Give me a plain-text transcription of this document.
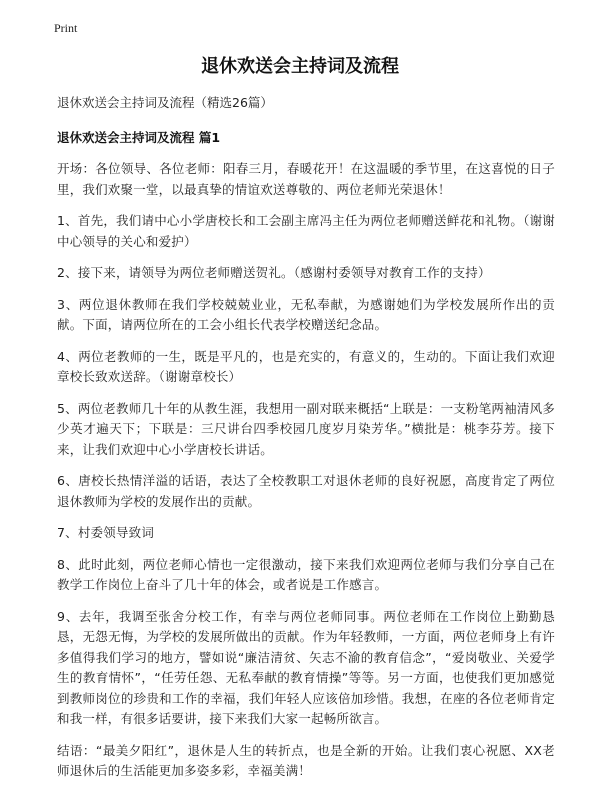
Print
退休欢送会主持词及流程

退休欢送会主持词及流程（精选26篇）

退休欢送会主持词及流程 篇1

开场：各位领导、各位老师：阳春三月，春暖花开！在这温暖的季节里，在这喜悦的日子里，我们欢聚一堂，以最真挚的情谊欢送尊敬的、两位老师光荣退休！

1、首先，我们请中心小学唐校长和工会副主席冯主任为两位老师赠送鲜花和礼物。（谢谢中心领导的关心和爱护）

2、接下来，请领导为两位老师赠送贺礼。（感谢村委领导对教育工作的支持）

3、两位退休教师在我们学校兢兢业业，无私奉献，为感谢她们为学校发展所作出的贡献。下面，请两位所在的工会小组长代表学校赠送纪念品。

4、两位老教师的一生，既是平凡的，也是充实的，有意义的，生动的。下面让我们欢迎章校长致欢送辞。（谢谢章校长）

5、两位老教师几十年的从教生涯，我想用一副对联来概括“上联是：一支粉笔两袖清风多少英才遍天下；下联是：三尺讲台四季校园几度岁月染芳华。”横批是：桃李芬芳。接下来，让我们欢迎中心小学唐校长讲话。

6、唐校长热情洋溢的话语，表达了全校教职工对退休老师的良好祝愿，高度肯定了两位退休教师为学校的发展作出的贡献。

7、村委领导致词

8、此时此刻，两位老师心情也一定很激动，接下来我们欢迎两位老师与我们分享自己在教学工作岗位上奋斗了几十年的体会，或者说是工作感言。

9、去年，我调至张舍分校工作，有幸与两位老师同事。两位老师在工作岗位上勤勤恳恳，无怨无悔，为学校的发展所做出的贡献。作为年轻教师，一方面，两位老师身上有许多值得我们学习的地方，譬如说“廉洁清贫、矢志不渝的教育信念”，“爱岗敬业、关爱学生的教育情怀”，“任劳任怨、无私奉献的教育情操”等等。另一方面，也使我们更加感觉到教师岗位的珍贵和工作的幸福，我们年轻人应该倍加珍惜。我想，在座的各位老师肯定和我一样，有很多话要讲，接下来我们大家一起畅所欲言。

结语：“最美夕阳红”，退休是人生的转折点，也是全新的开始。让我们衷心祝愿、XX老师退休后的生活能更加多姿多彩，幸福美满！
